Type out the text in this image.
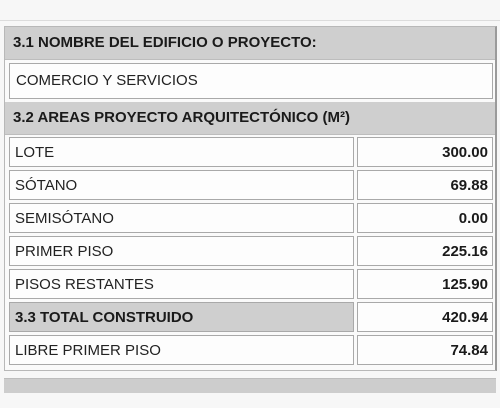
3.1 NOMBRE DEL EDIFICIO O PROYECTO:
COMERCIO Y SERVICIOS
3.2 AREAS PROYECTO ARQUITECTÓNICO (M²)
LOTE	300.00
SÓTANO	69.88
SEMISÓTANO	0.00
PRIMER PISO	225.16
PISOS RESTANTES	125.90
3.3 TOTAL CONSTRUIDO	420.94
LIBRE PRIMER PISO	74.84
